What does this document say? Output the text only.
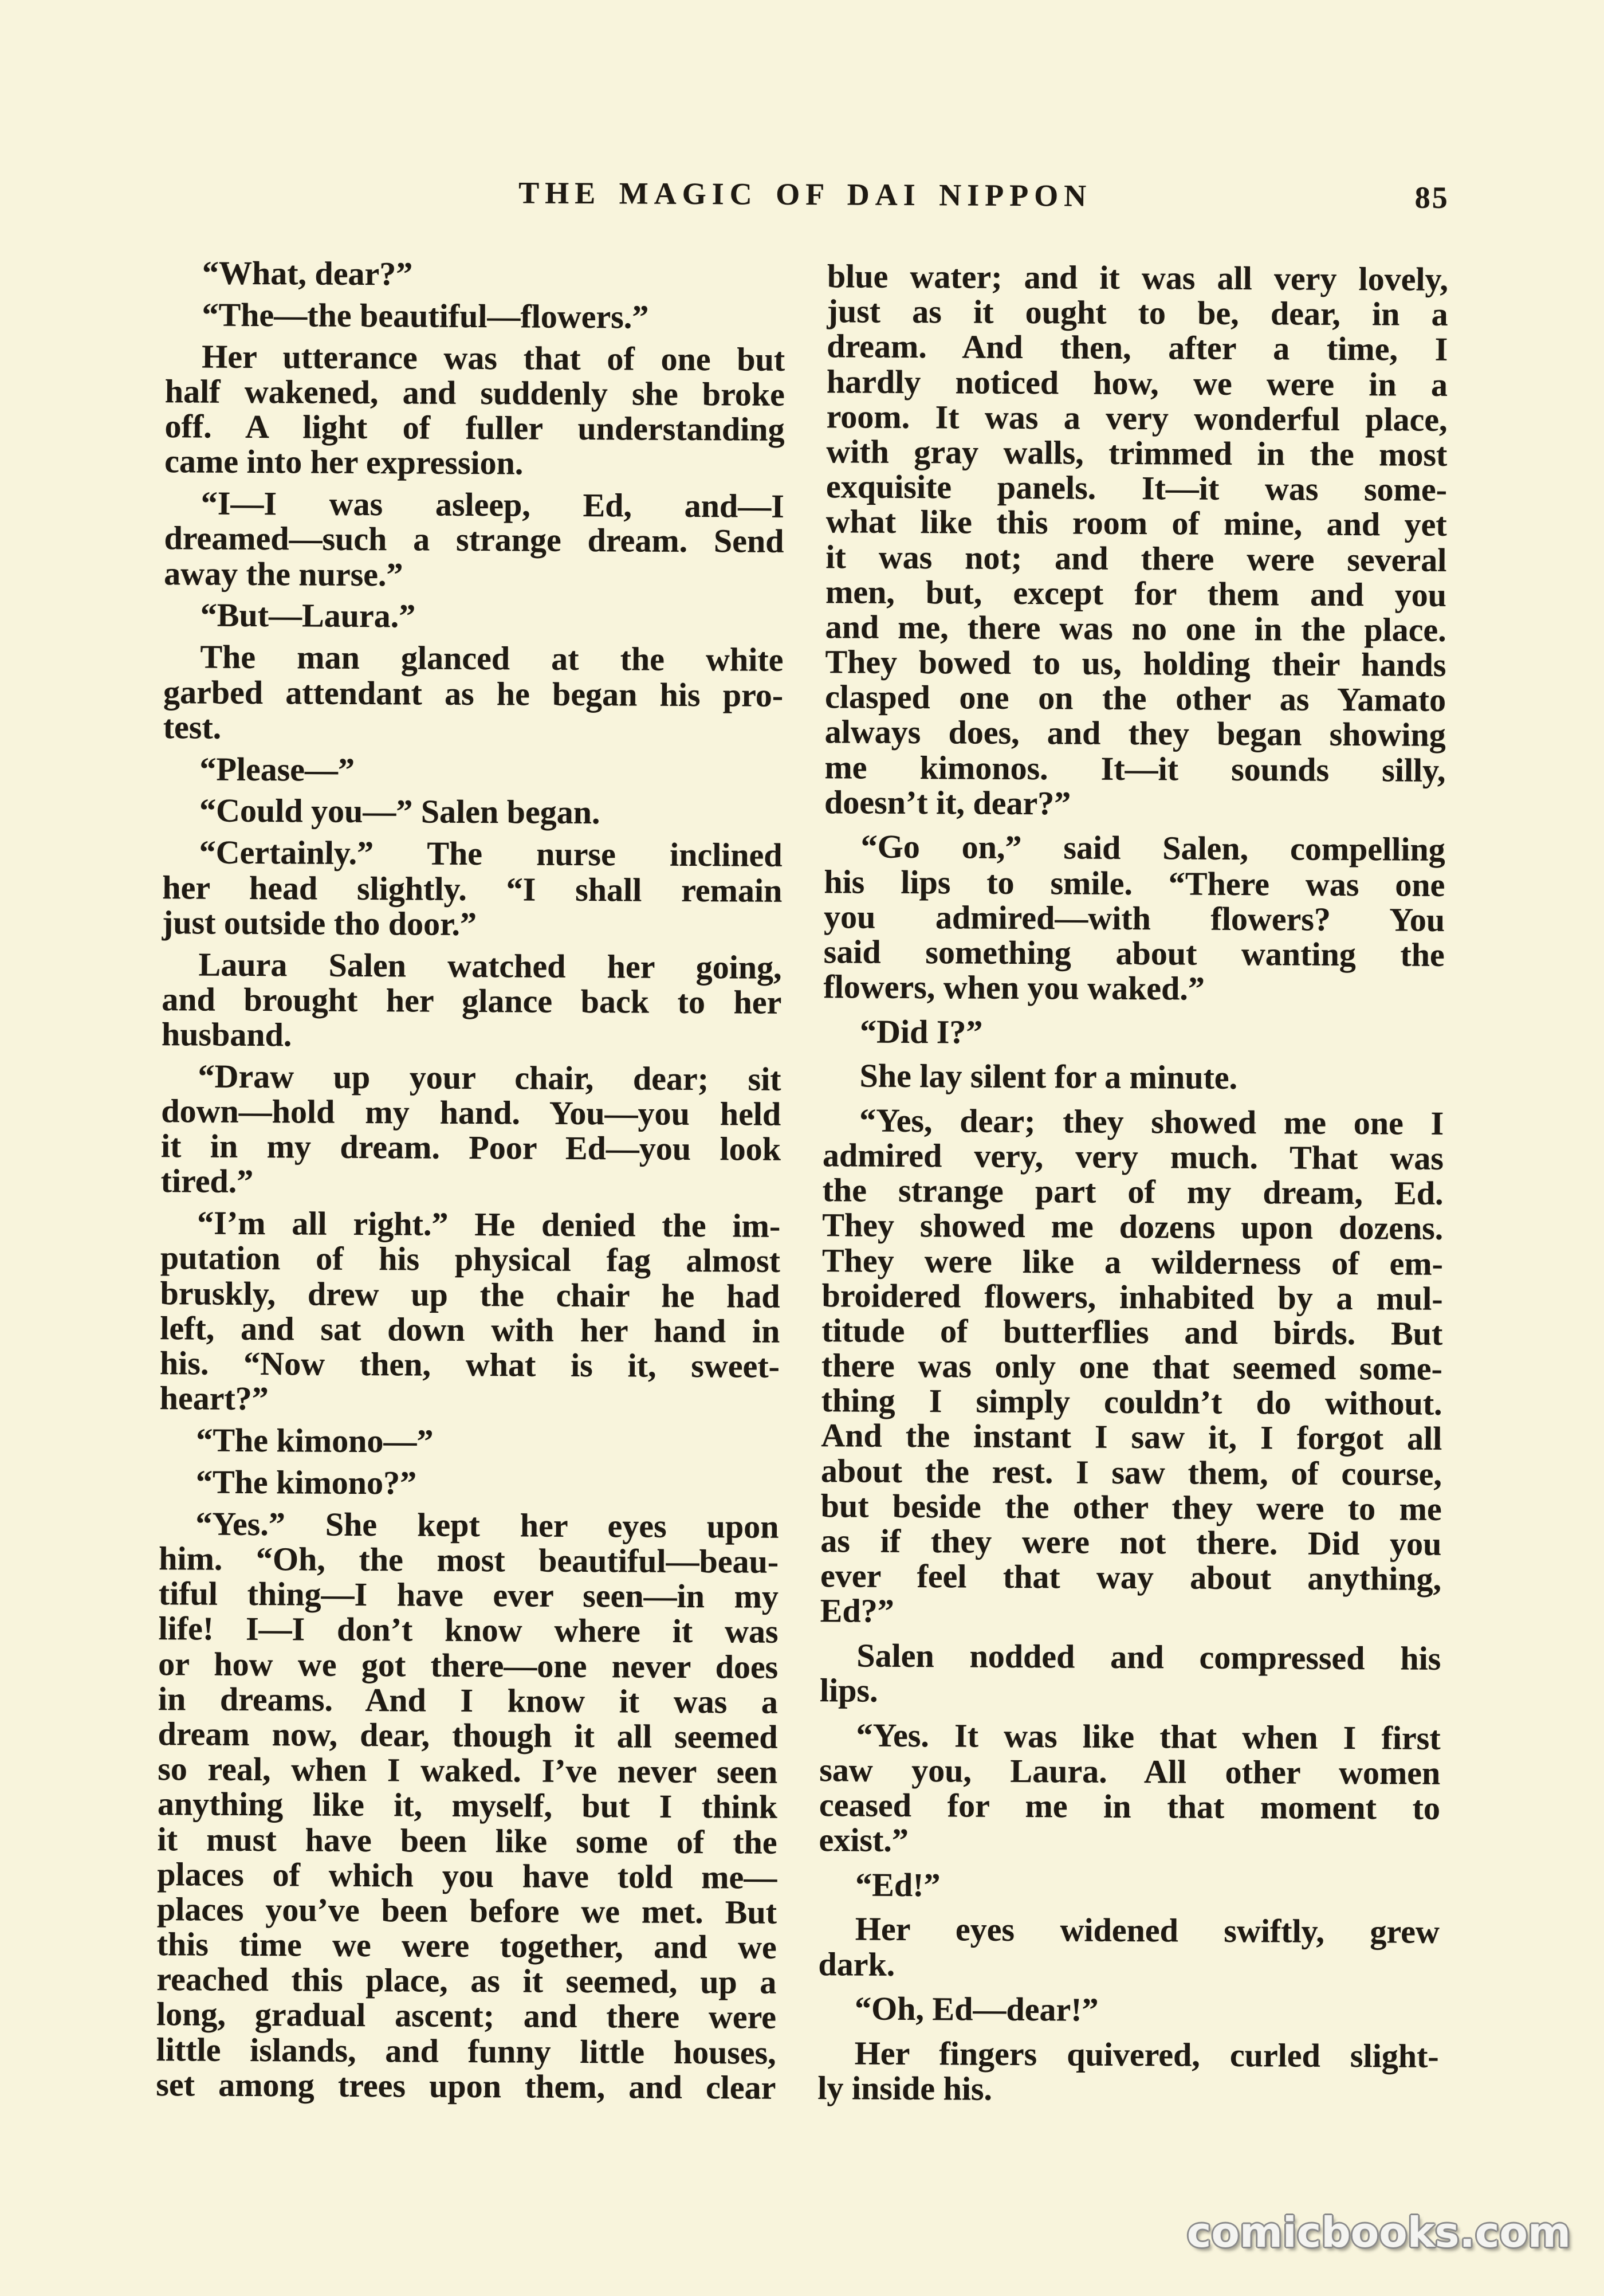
THE MAGIC OF DAI NIPPON	85
“What, dear?”
“The—the beautiful—flowers.”
Her utterance was that of one but
half wakened, and suddenly she broke
off. A light of fuller understanding
came into her expression.
“I—I was asleep, Ed, and—I
dreamed—such a strange dream. Send
away the nurse.”
“But—Laura.”
The man glanced at the white
garbed attendant as he began his pro-
test.
“Please—”
“Could you—” Salen began.
“Certainly.” The nurse inclined
her head slightly. “I shall remain
just outside tho door.”
Laura Salen watched her going,
and brought her glance back to her
husband.
“Draw up your chair, dear; sit
down—hold my hand. You—you held
it in my dream. Poor Ed—you look
tired.”
“I’m all right.” He denied the im-
putation of his physical fag almost
bruskly, drew up the chair he had
left, and sat down with her hand in
his. “Now then, what is it, sweet-
heart?”
“The kimono—”
“The kimono?”
“Yes.” She kept her eyes upon
him. “Oh, the most beautiful—beau-
tiful thing—I have ever seen—in my
life! I—I don’t know where it was
or how we got there—one never does
in dreams. And I know it was a
dream now, dear, though it all seemed
so real, when I waked. I’ve never seen
anything like it, myself, but I think
it must have been like some of the
places of which you have told me—
places you’ve been before we met. But
this time we were together, and we
reached this place, as it seemed, up a
long, gradual ascent; and there were
little islands, and funny little houses,
set among trees upon them, and clear
blue water; and it was all very lovely,
just as it ought to be, dear, in a
dream. And then, after a time, I
hardly noticed how, we were in a
room. It was a very wonderful place,
with gray walls, trimmed in the most
exquisite panels. It—it was some-
what like this room of mine, and yet
it was not; and there were several
men, but, except for them and you
and me, there was no one in the place.
They bowed to us, holding their hands
clasped one on the other as Yamato
always does, and they began showing
me kimonos. It—it sounds silly,
doesn’t it, dear?”
“Go on,” said Salen, compelling
his lips to smile. “There was one
you admired—with flowers? You
said something about wanting the
flowers, when you waked.”
“Did I?”
She lay silent for a minute.
“Yes, dear; they showed me one I
admired very, very much. That was
the strange part of my dream, Ed.
They showed me dozens upon dozens.
They were like a wilderness of em-
broidered flowers, inhabited by a mul-
titude of butterflies and birds. But
there was only one that seemed some-
thing I simply couldn’t do without.
And the instant I saw it, I forgot all
about the rest. I saw them, of course,
but beside the other they were to me
as if they were not there. Did you
ever feel that way about anything,
Ed?”
Salen nodded and compressed his
lips.
“Yes. It was like that when I first
saw you, Laura. All other women
ceased for me in that moment to
exist.”
“Ed!”
Her eyes widened swiftly, grew
dark.
“Oh, Ed—dear!”
Her fingers quivered, curled slight-
ly inside his.
comicbooks.com
